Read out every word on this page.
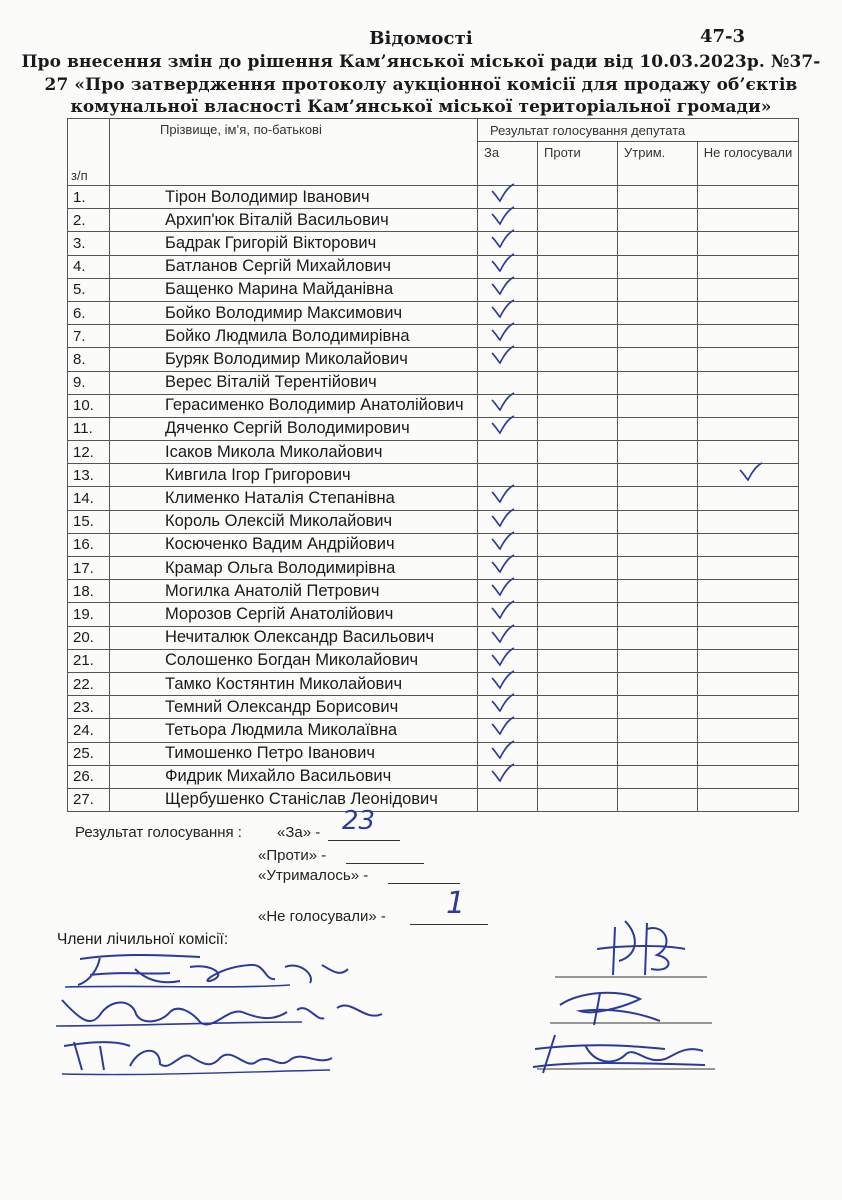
Відомості	47-3
Про внесення змін до рішення Кам’янської міської ради від 10.03.2023р. №37-
27 «Про затвердження протоколу аукціонної комісії для продажу об’єктів
комунальної власності Кам’янської міської територіальної громади»
з/п	Прізвище, ім’я, по-батькові	Результат голосування депутата			
		За	Проти	Утрим.	Не голосували
1.	Тірон Володимир Іванович	

2.	Архип'юк Віталій Васильович	

3.	Бадрак Григорій Вікторович	

4.	Батланов Сергій Михайлович	

5.	Бащенко Марина Майданівна	

6.	Бойко Володимир Максимович	

7.	Бойко Людмила Володимирівна	

8.	Буряк Володимир Миколайович	

9.	Верес Віталій Терентійович				
10.	Герасименко Володимир Анатолійович	

11.	Дяченко Сергій Володимирович	

12.	Ісаков Микола Миколайович				
13.	Кивгила Ігор Григорович				

14.	Клименко Наталія Степанівна	

15.	Король Олексій Миколайович	

16.	Косюченко Вадим Андрійович	

17.	Крамар Ольга Володимирівна	

18.	Могилка Анатолій Петрович	

19.	Морозов Сергій Анатолійович	

20.	Нечиталюк Олександр Васильович	

21.	Солошенко Богдан Миколайович	

22.	Тамко Костянтин Миколайович	

23.	Темний Олександр Борисович	

24.	Тетьора Людмила Миколаївна	

25.	Тимошенко Петро Іванович	

26.	Фидрик Михайло Васильович	

27.	Щербушенко Станіслав Леонідович				
Результат голосування : «За» - 23
«Проти» -
«Утрималось» -
«Не голосували» - 1
Члени лічильної комісії:
